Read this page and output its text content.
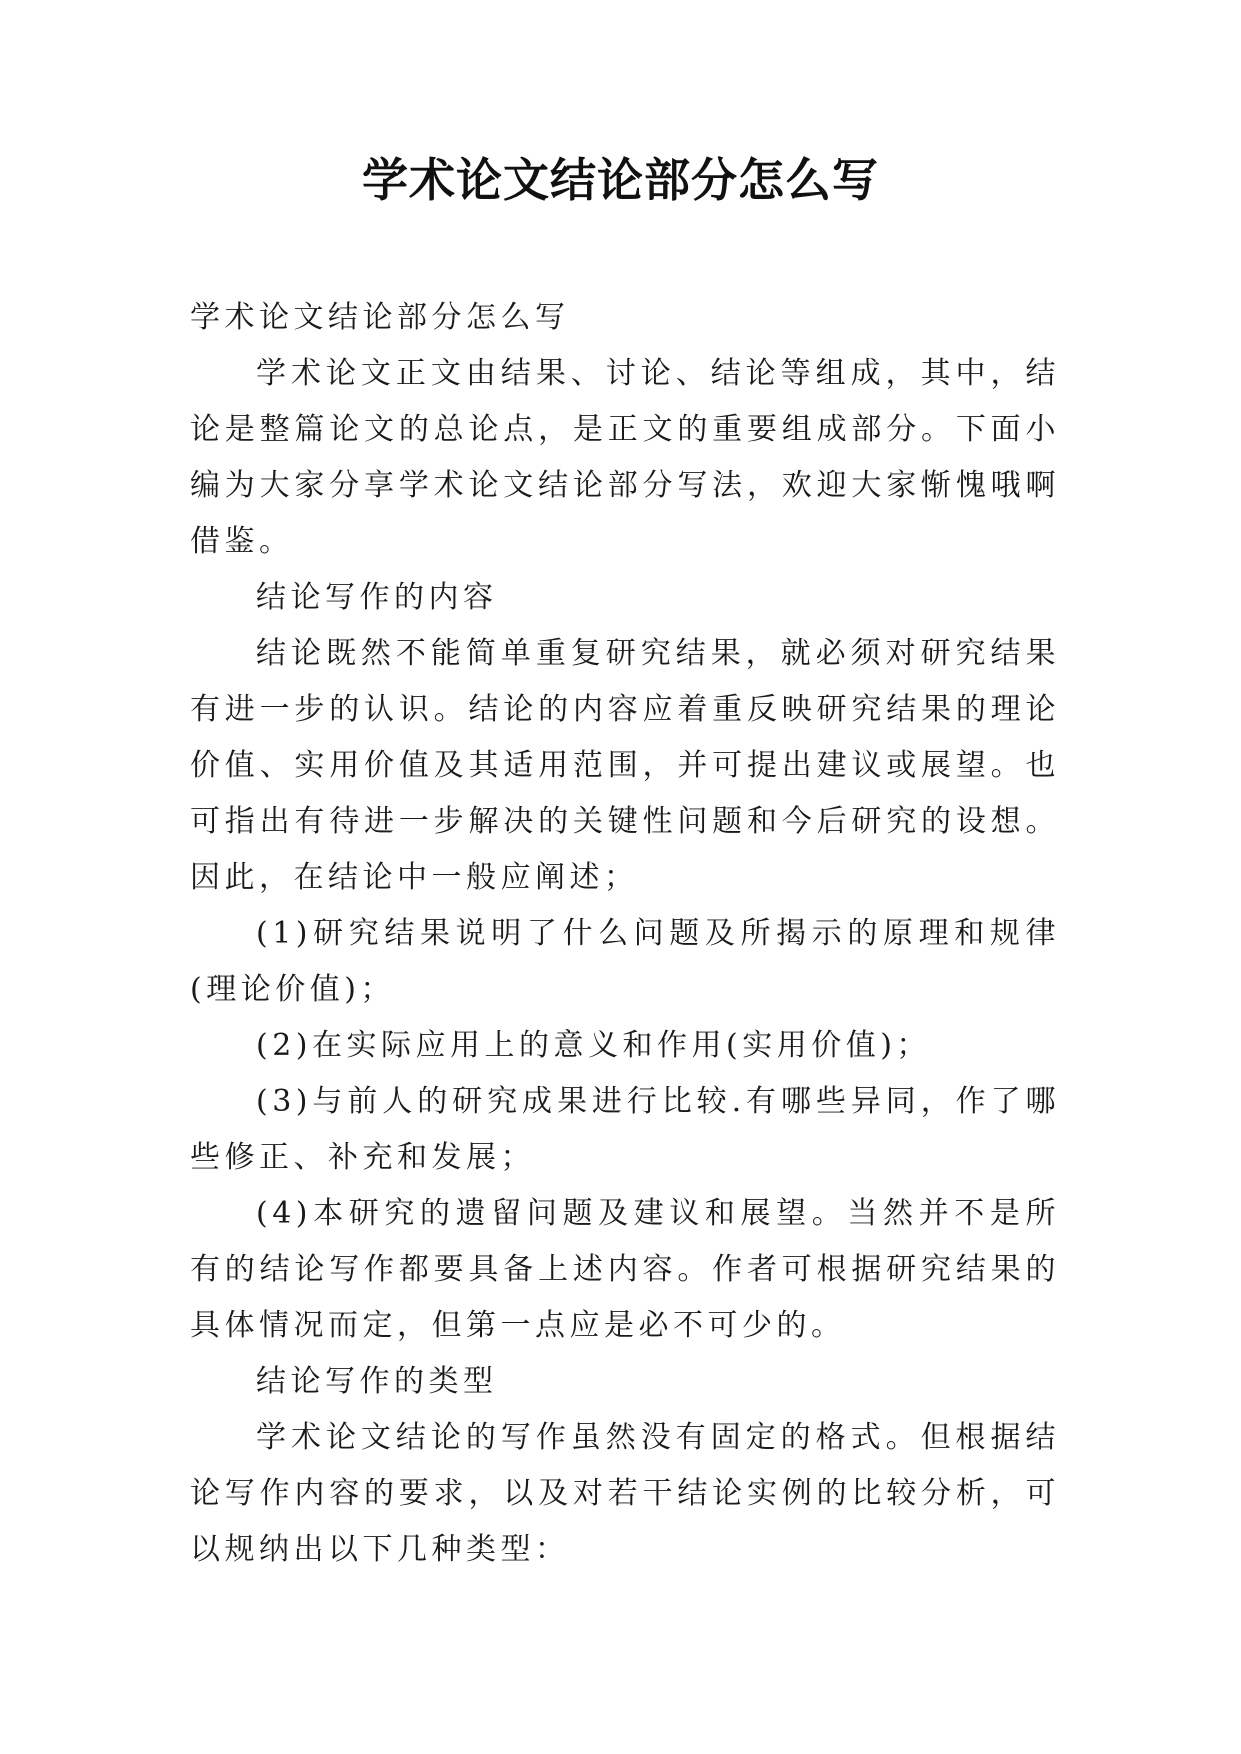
学术论文结论部分怎么写

学术论文结论部分怎么写

学术论文正文由结果、讨论、结论等组成，其中，结论是整篇论文的总论点，是正文的重要组成部分。下面小编为大家分享学术论文结论部分写法，欢迎大家惭愧哦啊借鉴。

结论写作的内容

结论既然不能简单重复研究结果，就必须对研究结果有进一步的认识。结论的内容应着重反映研究结果的理论价值、实用价值及其适用范围，并可提出建议或展望。也可指出有待进一步解决的关键性问题和今后研究的设想。因此，在结论中一般应阐述；

(1)研究结果说明了什么问题及所揭示的原理和规律(理论价值)；

(2)在实际应用上的意义和作用(实用价值)；

(3)与前人的研究成果进行比较.有哪些异同，作了哪些修正、补充和发展；

(4)本研究的遗留问题及建议和展望。当然并不是所有的结论写作都要具备上述内容。作者可根据研究结果的具体情况而定，但第一点应是必不可少的。

结论写作的类型

学术论文结论的写作虽然没有固定的格式。但根据结论写作内容的要求，以及对若干结论实例的比较分析，可以规纳出以下几种类型：
